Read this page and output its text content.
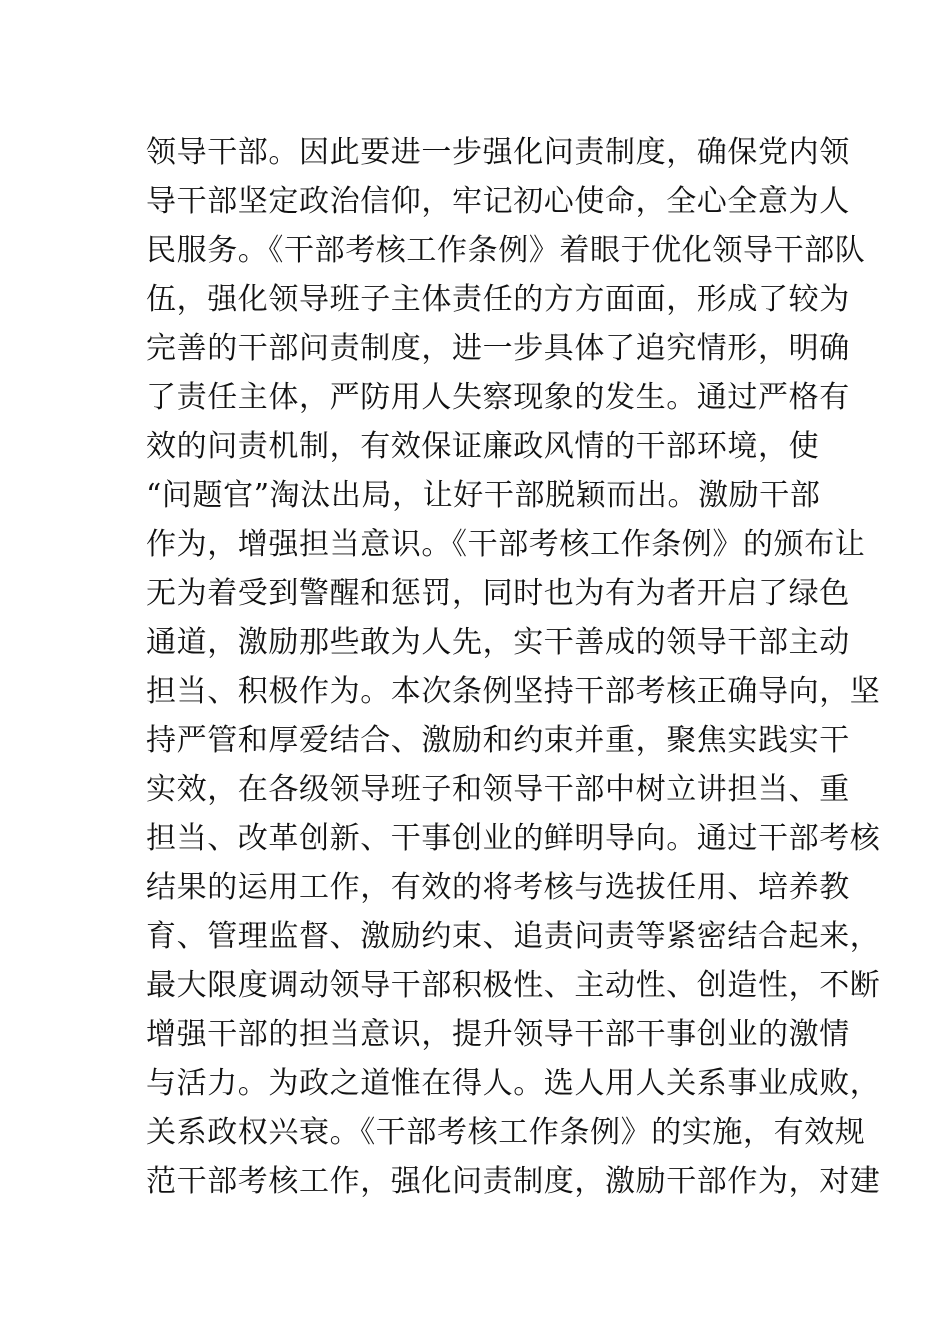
领导干部。因此要进一步强化问责制度，确保党内领
导干部坚定政治信仰，牢记初心使命，全心全意为人
民服务。《干部考核工作条例》着眼于优化领导干部队
伍，强化领导班子主体责任的方方面面，形成了较为
完善的干部问责制度，进一步具体了追究情形，明确
了责任主体，严防用人失察现象的发生。通过严格有
效的问责机制，有效保证廉政风情的干部环境，使
“问题官”淘汰出局，让好干部脱颖而出。激励干部
作为，增强担当意识。《干部考核工作条例》的颁布让
无为着受到警醒和惩罚，同时也为有为者开启了绿色
通道，激励那些敢为人先，实干善成的领导干部主动
担当、积极作为。本次条例坚持干部考核正确导向，坚
持严管和厚爱结合、激励和约束并重，聚焦实践实干
实效，在各级领导班子和领导干部中树立讲担当、重
担当、改革创新、干事创业的鲜明导向。通过干部考核
结果的运用工作，有效的将考核与选拔任用、培养教
育、管理监督、激励约束、追责问责等紧密结合起来，
最大限度调动领导干部积极性、主动性、创造性，不断
增强干部的担当意识，提升领导干部干事创业的激情
与活力。为政之道惟在得人。选人用人关系事业成败，
关系政权兴衰。《干部考核工作条例》的实施，有效规
范干部考核工作，强化问责制度，激励干部作为，对建
